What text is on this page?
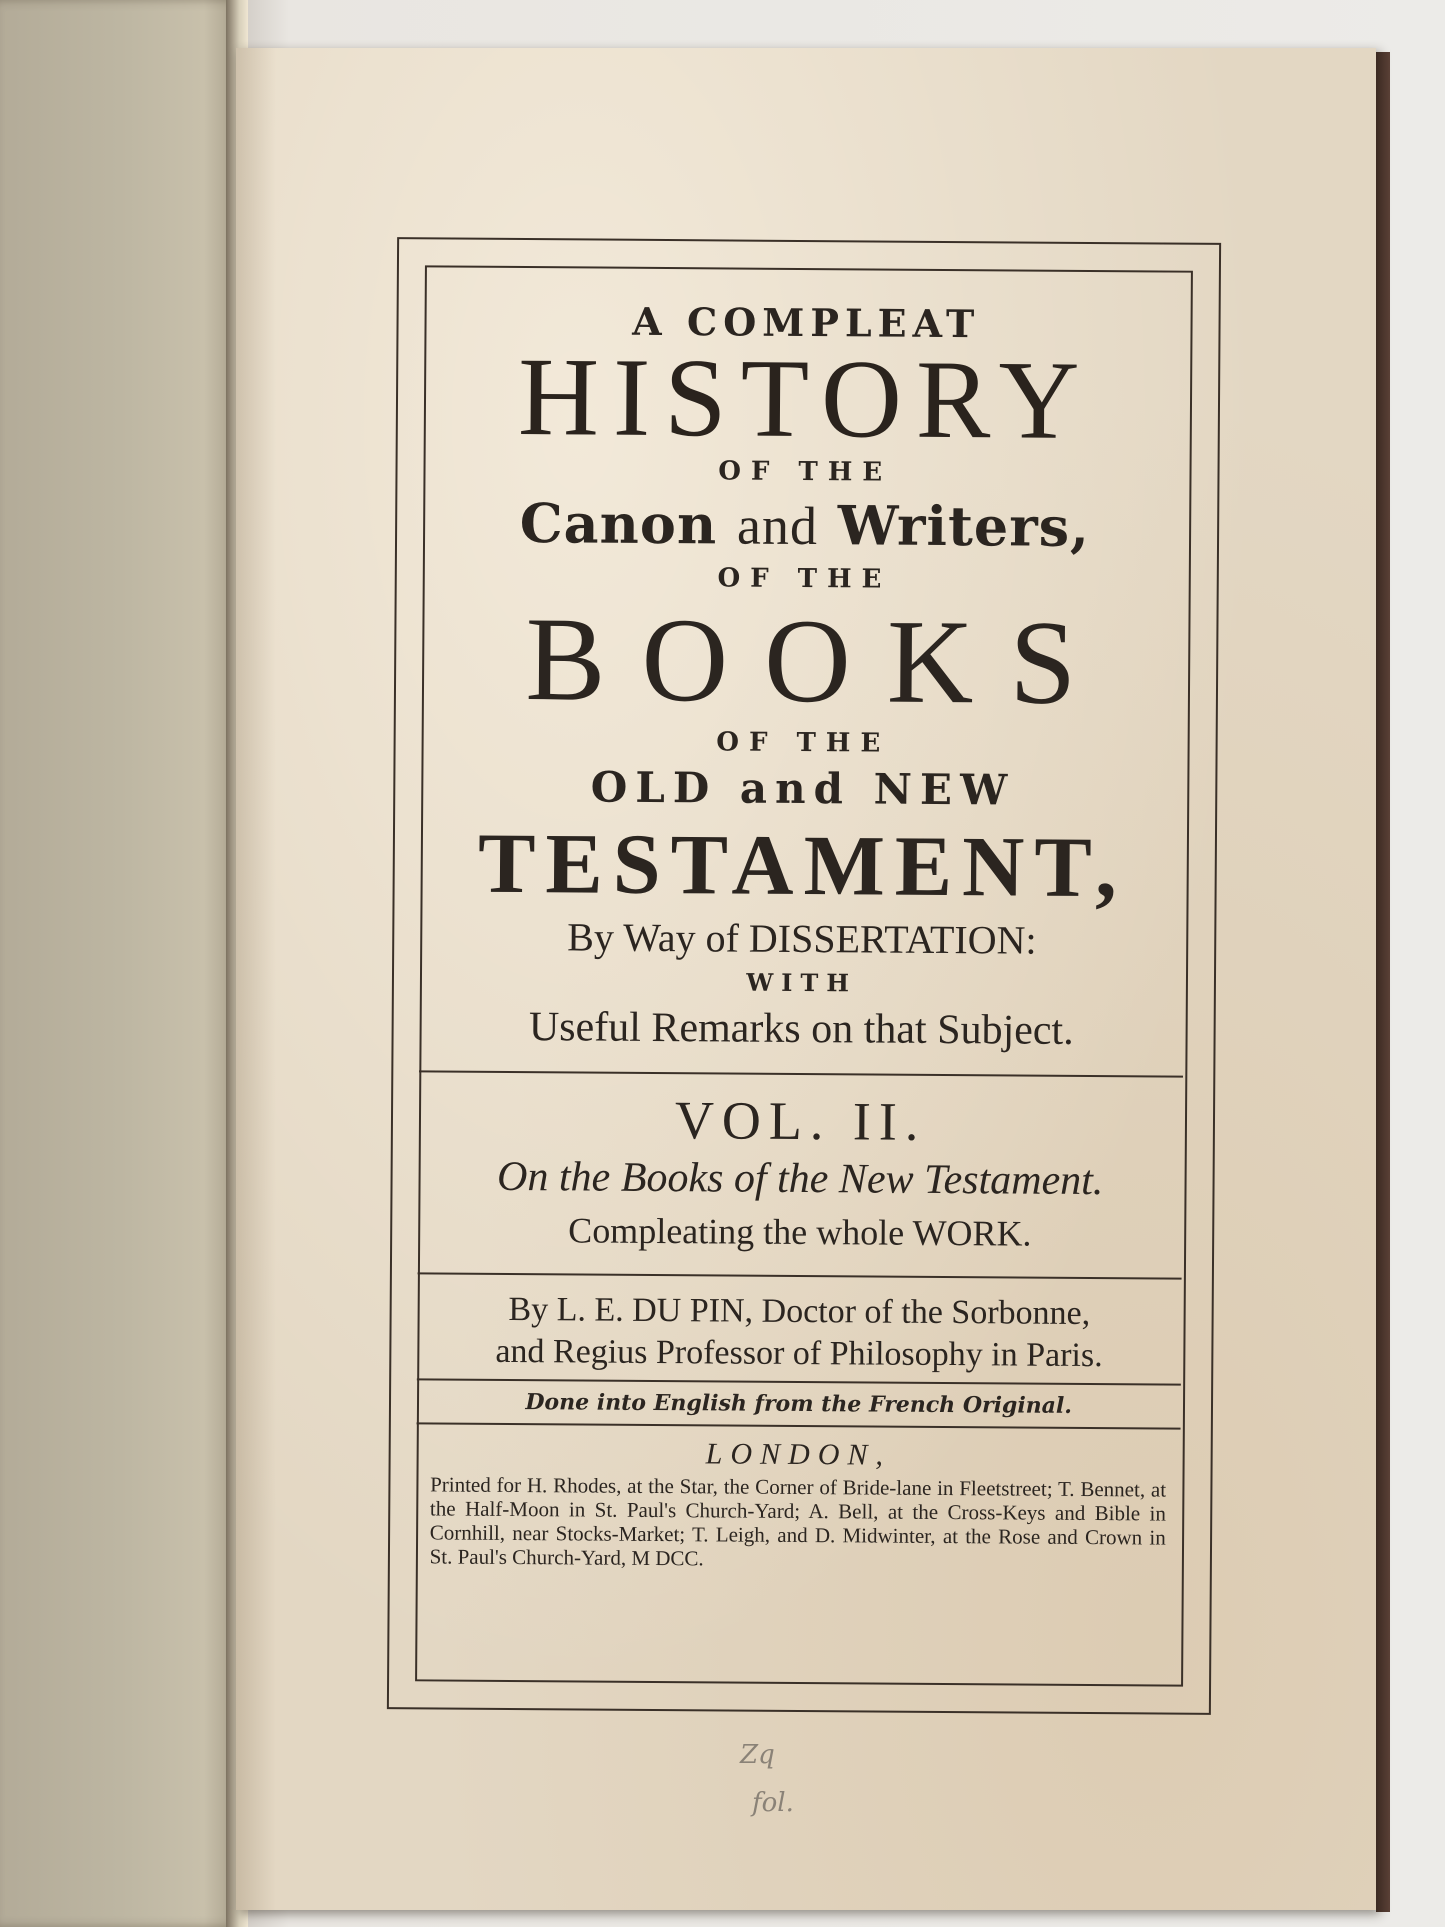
A COMPLEAT
HISTORY
OF THE
Canon and Writers,
OF THE
BOOKS
OF THE
OLD and NEW
TESTAMENT,
By Way of DISSERTATION:
WITH
Useful Remarks on that Subject.
VOL. II.
On the Books of the New Testament.
Compleating the whole WORK.
By L. E. DU PIN, Doctor of the Sorbonne,
and Regius Professor of Philosophy in Paris.
Done into English from the French Original.
LONDON,
Printed for H. Rhodes, at the Star, the Corner of Bride-lane in Fleetstreet; T. Bennet, at the Half-Moon in St. Paul's Church-Yard; A. Bell, at the Cross-Keys and Bible in Cornhill, near Stocks-Market; T. Leigh, and D. Midwinter, at the Rose and Crown in St. Paul's Church-Yard, M DCC.
Zq
fol.
